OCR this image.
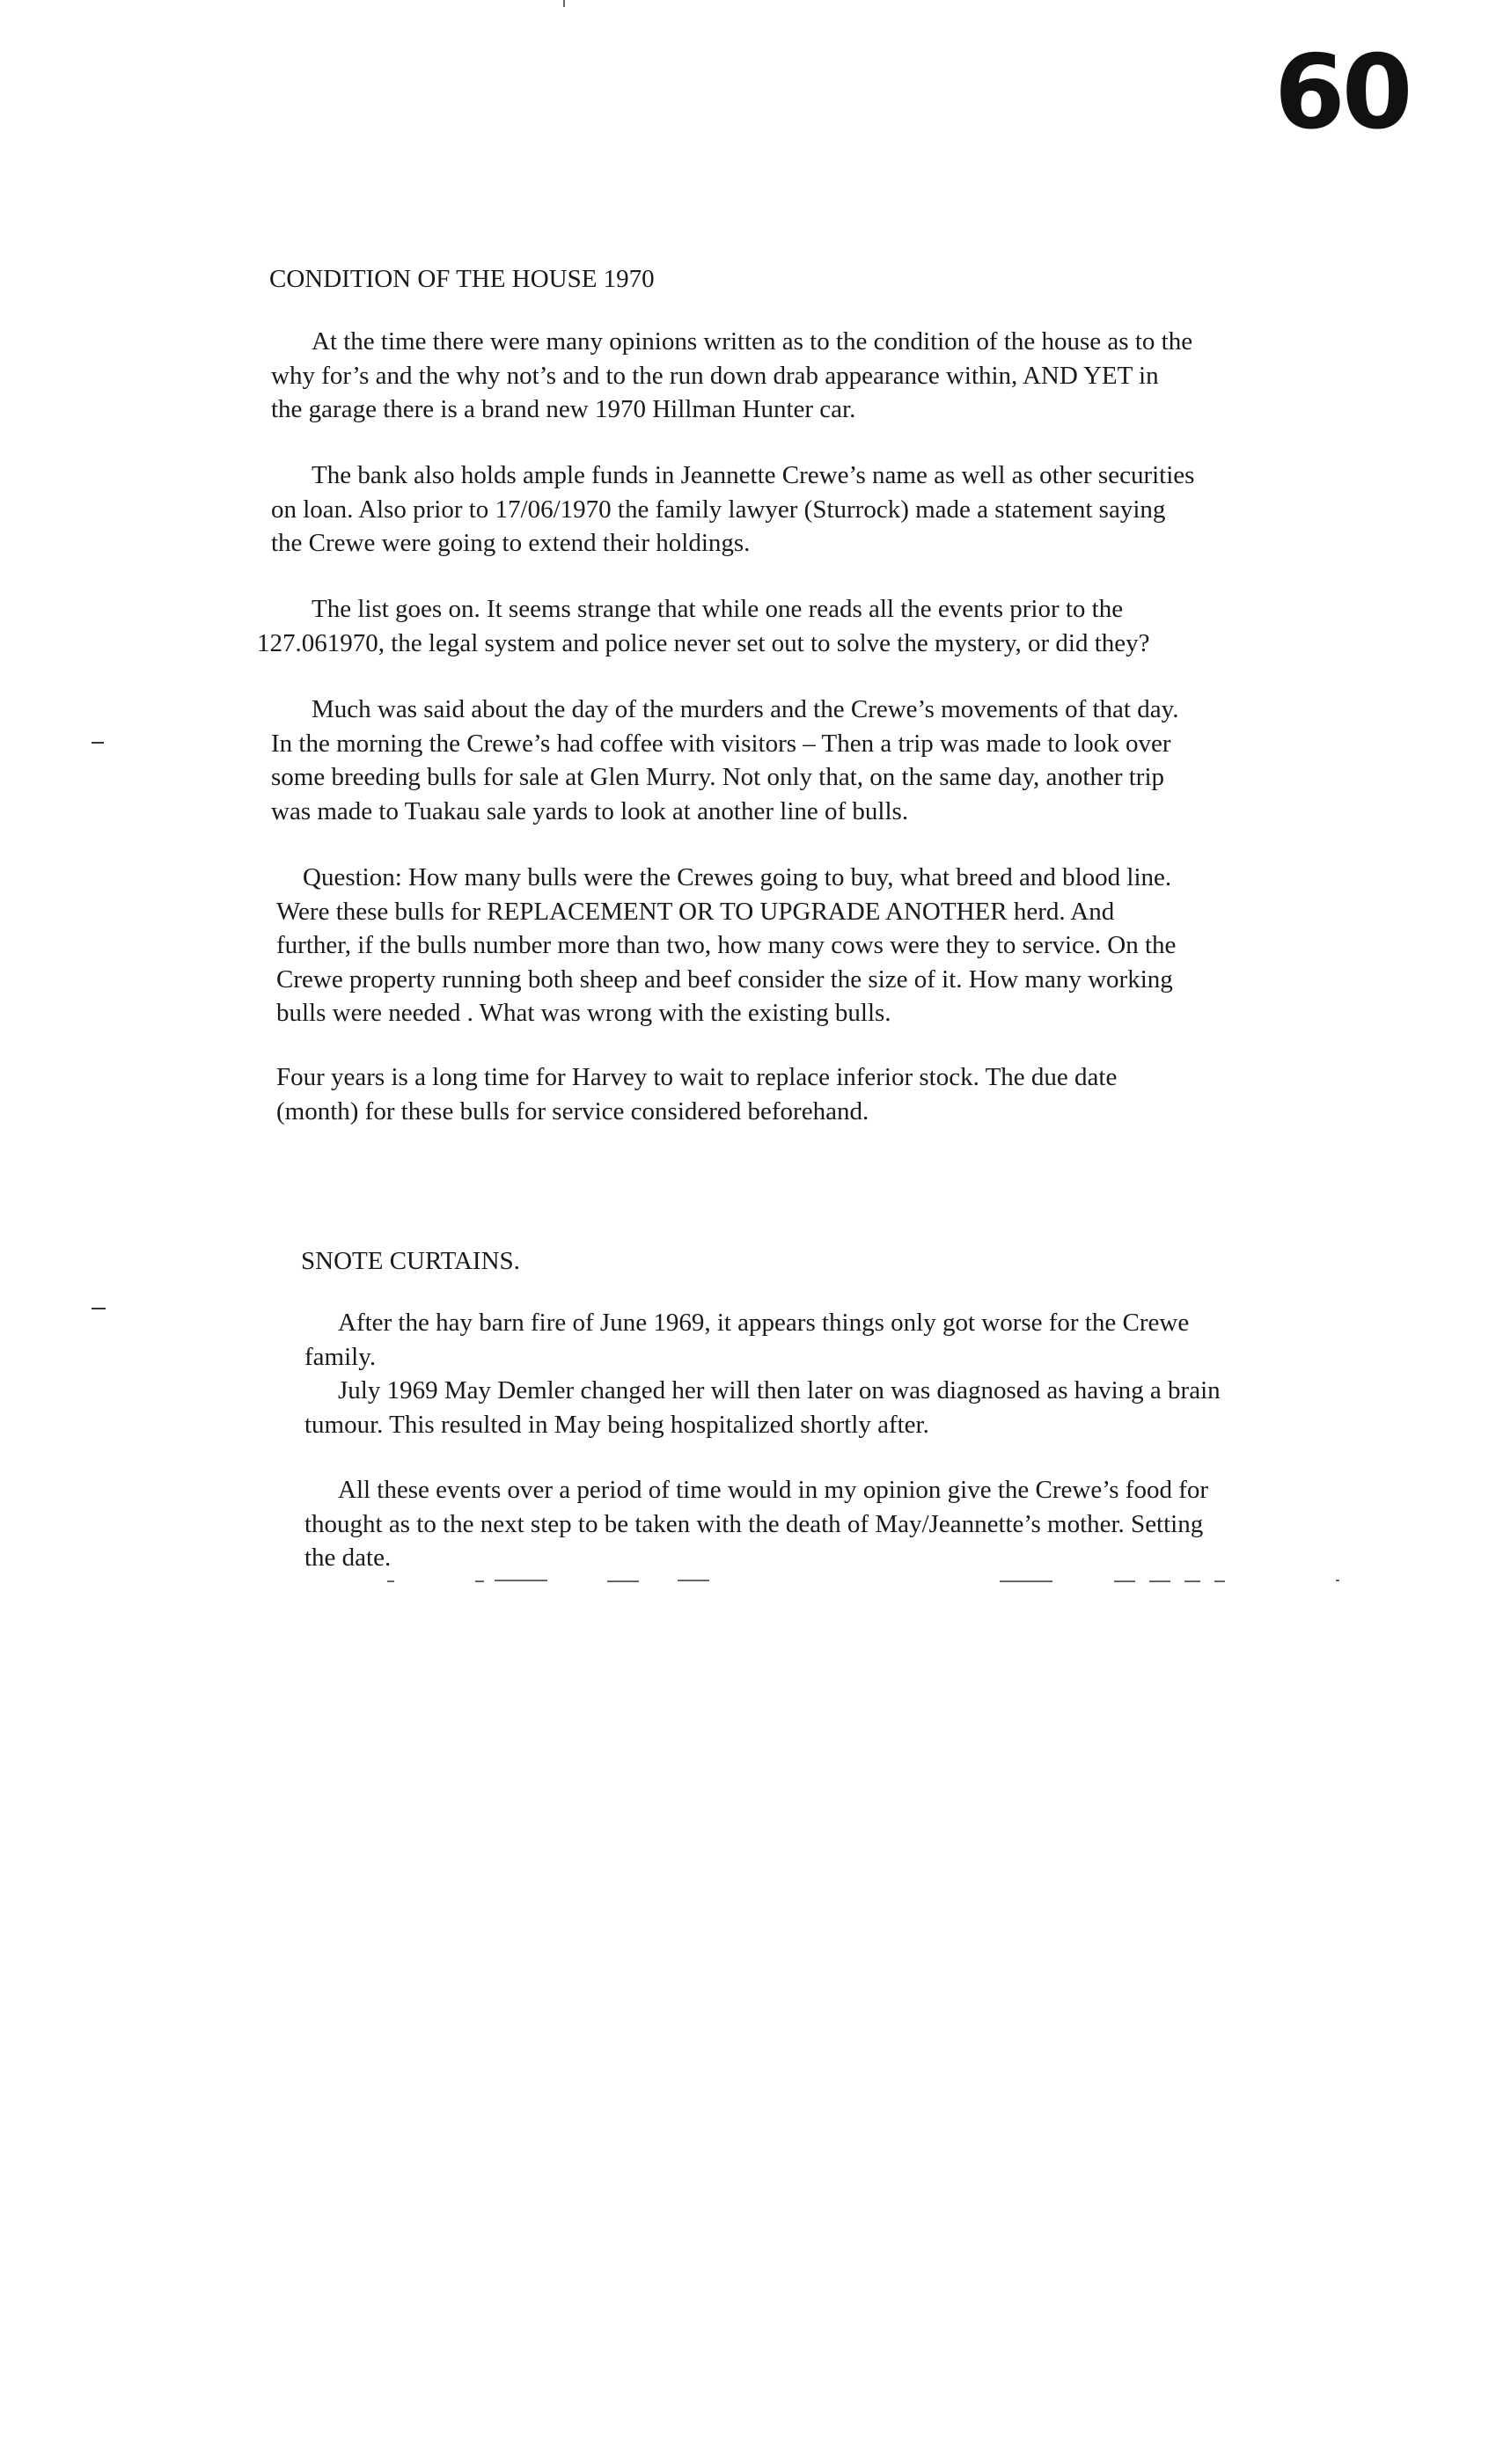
60
CONDITION OF THE HOUSE 1970
At the time there were many opinions written as to the condition of the house as to the
why for’s and the why not’s and to the run down drab appearance within, AND YET in
the garage there is a brand new 1970 Hillman Hunter car.
The bank also holds ample funds in Jeannette Crewe’s name as well as other securities
on loan. Also prior to 17/06/1970 the family lawyer (Sturrock) made a statement saying
the Crewe were going to extend their holdings.
The list goes on. It seems strange that while one reads all the events prior to the
127.061970, the legal system and police never set out to solve the mystery, or did they?
Much was said about the day of the murders and the Crewe’s movements of that day.
In the morning the Crewe’s had coffee with visitors – Then a trip was made to look over
some breeding bulls for sale at Glen Murry. Not only that, on the same day, another trip
was made to Tuakau sale yards to look at another line of bulls.
Question: How many bulls were the Crewes going to buy, what breed and blood line.
Were these bulls for REPLACEMENT OR TO UPGRADE ANOTHER herd. And
further, if the bulls number more than two, how many cows were they to service. On the
Crewe property running both sheep and beef consider the size of it. How many working
bulls were needed . What was wrong with the existing bulls.
Four years is a long time for Harvey to wait to replace inferior stock. The due date
(month) for these bulls for service considered beforehand.
SNOTE CURTAINS.
After the hay barn fire of June 1969, it appears things only got worse for the Crewe
family.
July 1969 May Demler changed her will then later on was diagnosed as having a brain
tumour. This resulted in May being hospitalized shortly after.
All these events over a period of time would in my opinion give the Crewe’s food for
thought as to the next step to be taken with the death of May/Jeannette’s mother. Setting
the date.
